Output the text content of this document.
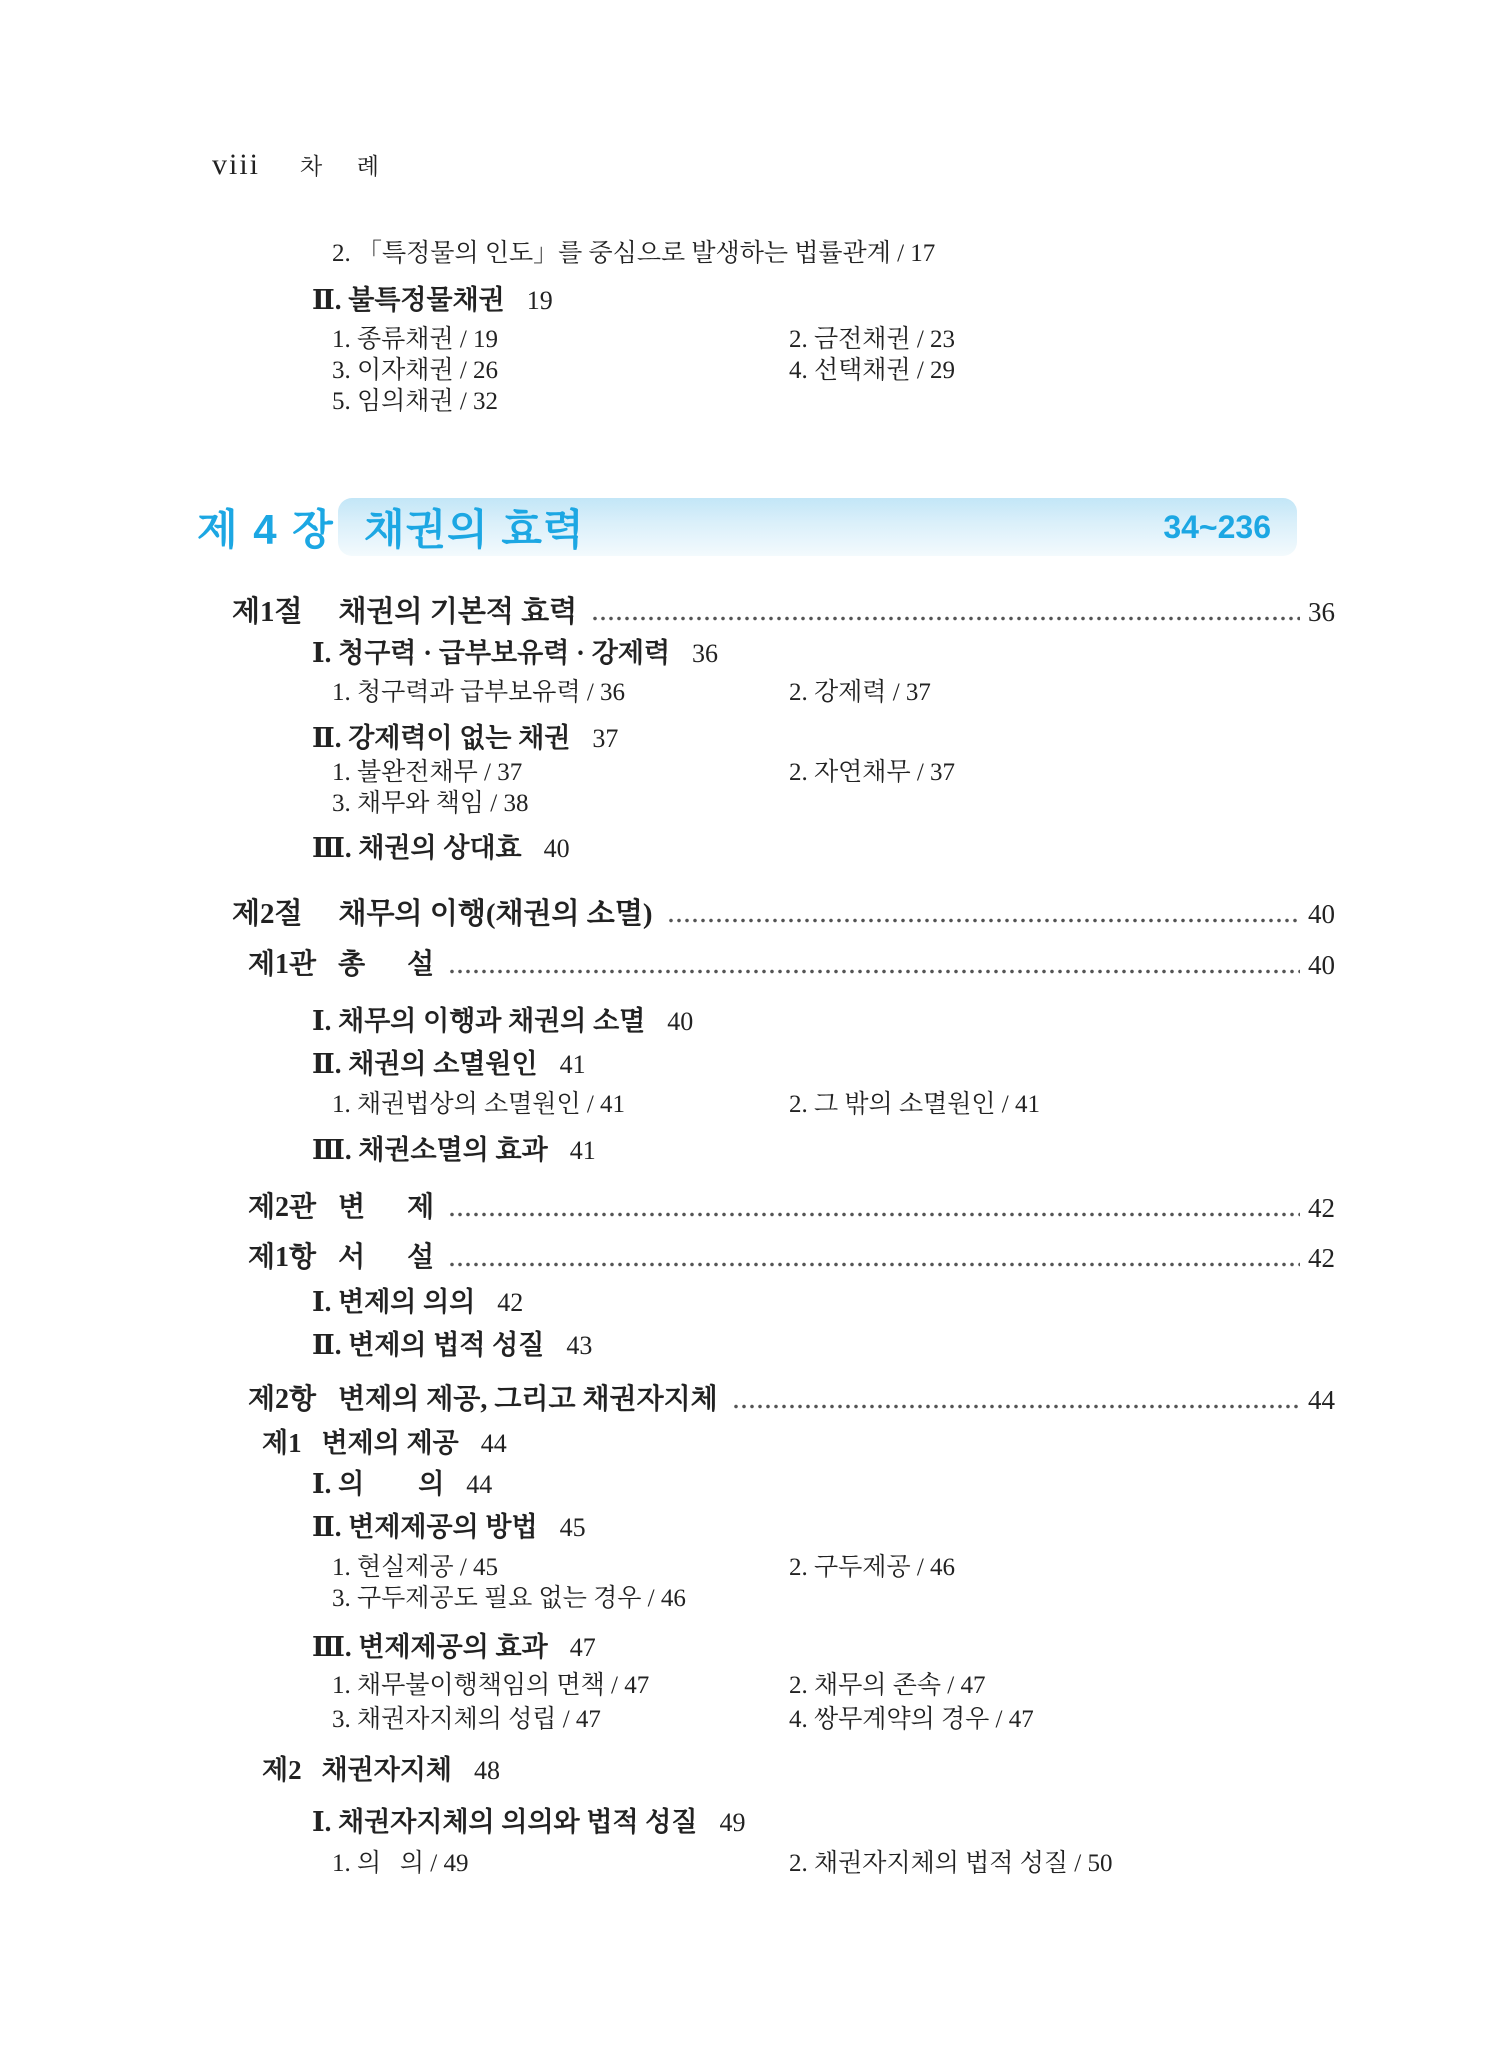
viii 차      례
2. 「특정물의 인도」를 중심으로 발생하는 법률관계 / 17
Ⅱ. 불특정물채권 19
1. 종류채권 / 19	2. 금전채권 / 23
3. 이자채권 / 26	4. 선택채권 / 29
5. 임의채권 / 32
제 4 장 채권의 효력	34~236
제1절 채권의 기본적 효력	36
Ⅰ. 청구력 · 급부보유력 · 강제력 36
1. 청구력과 급부보유력 / 36	2. 강제력 / 37
Ⅱ. 강제력이 없는 채권 37
1. 불완전채무 / 37	2. 자연채무 / 37
3. 채무와 책임 / 38
Ⅲ. 채권의 상대효 40
제2절 채무의 이행(채권의 소멸)	40
제1관 총      설	40
Ⅰ. 채무의 이행과 채권의 소멸 40
Ⅱ. 채권의 소멸원인 41
1. 채권법상의 소멸원인 / 41	2. 그 밖의 소멸원인 / 41
Ⅲ. 채권소멸의 효과 41
제2관 변      제	42
제1항 서      설	42
Ⅰ. 변제의 의의 42
Ⅱ. 변제의 법적 성질 43
제2항 변제의 제공, 그리고 채권자지체	44
제1 변제의 제공 44
Ⅰ. 의        의 44
Ⅱ. 변제제공의 방법 45
1. 현실제공 / 45	2. 구두제공 / 46
3. 구두제공도 필요 없는 경우 / 46
Ⅲ. 변제제공의 효과 47
1. 채무불이행책임의 면책 / 47	2. 채무의 존속 / 47
3. 채권자지체의 성립 / 47	4. 쌍무계약의 경우 / 47
제2 채권자지체 48
Ⅰ. 채권자지체의 의의와 법적 성질 49
1. 의   의 / 49	2. 채권자지체의 법적 성질 / 50
